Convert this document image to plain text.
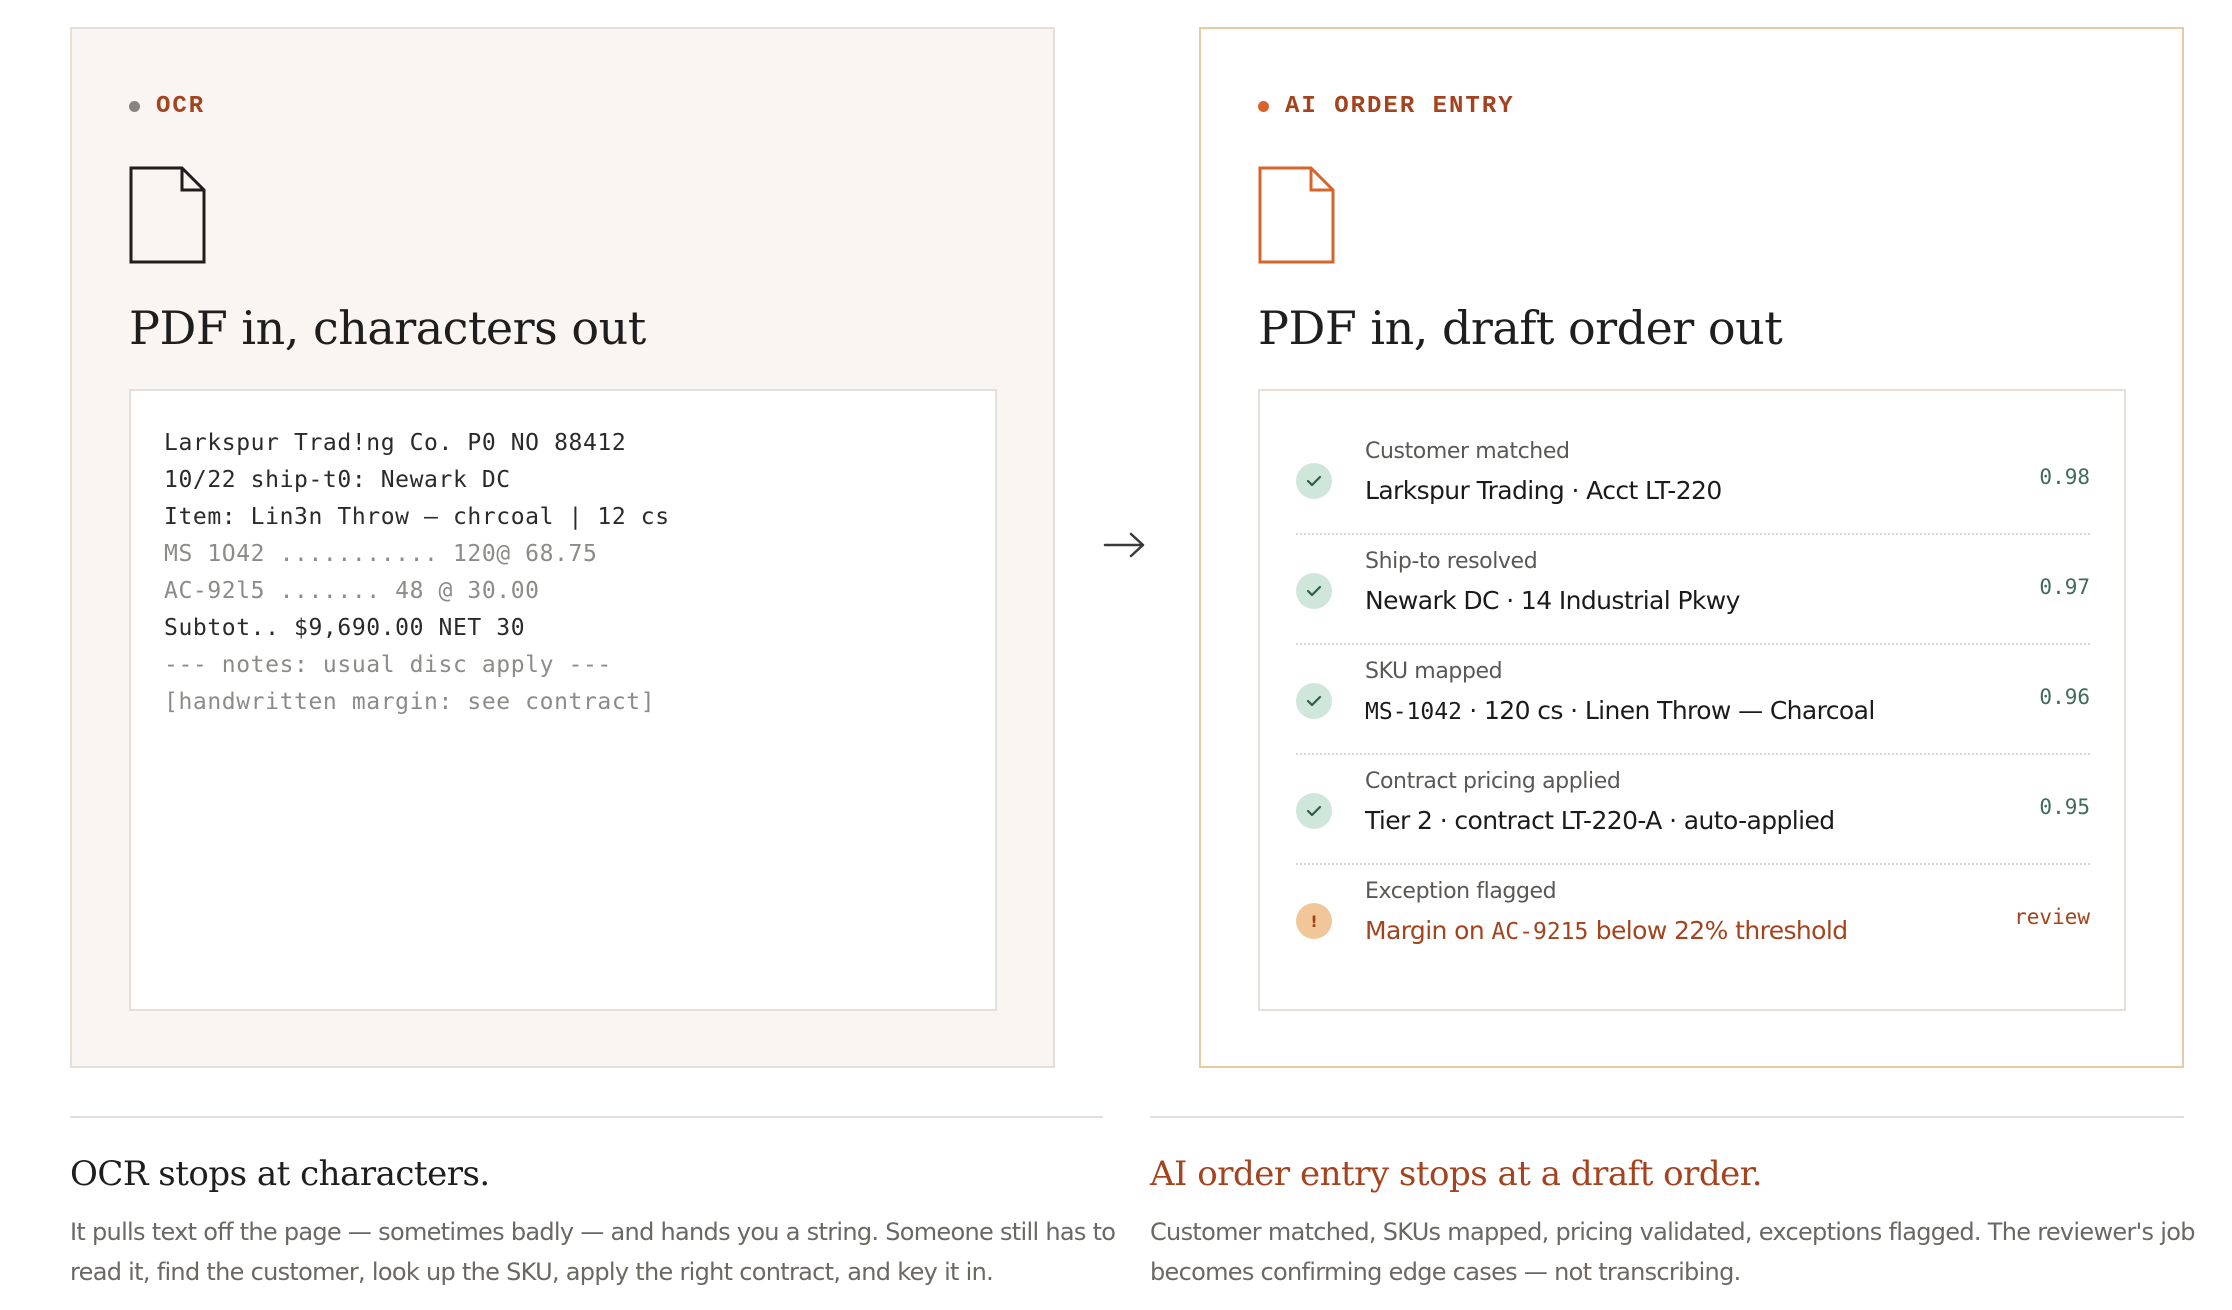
OCR
PDF in, characters out
Larkspur Trad!ng Co. P0 NO 88412
10/22 ship-t0: Newark DC
Item: Lin3n Throw — chrcoal | 12 cs
MS 1O42 ........... 120@ 68.75
AC-92l5 ....... 48 @ 30.00
Subtot.. $9,690.00 NET 30
--- notes: usual disc apply ---
[handwritten margin: see contract]
AI ORDER ENTRY
PDF in, draft order out
Customer matched
Larkspur Trading · Acct LT-220	0.98
Ship-to resolved
Newark DC · 14 Industrial Pkwy	0.97
SKU mapped
MS-1042 · 120 cs · Linen Throw — Charcoal	0.96
Contract pricing applied
Tier 2 · contract LT-220-A · auto-applied	0.95
!
Exception flagged
Margin on AC-9215 below 22% threshold	review
OCR stops at characters.
It pulls text off the page — sometimes badly — and hands you a string. Someone still has to read it, find the customer, look up the SKU, apply the right contract, and key it in.
AI order entry stops at a draft order.
Customer matched, SKUs mapped, pricing validated, exceptions flagged. The reviewer's job becomes confirming edge cases — not transcribing.
